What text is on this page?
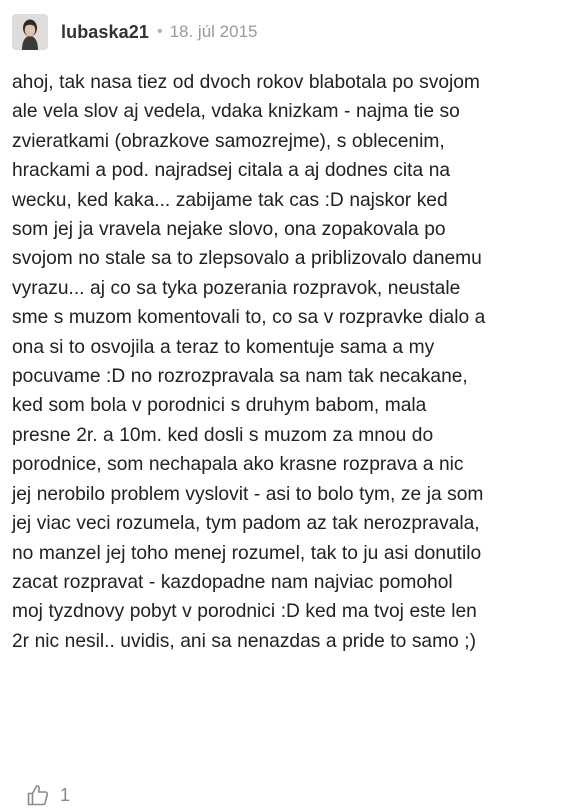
lubaska21 • 18. júl 2015
ahoj, tak nasa tiez od dvoch rokov blabotala po svojom
ale vela slov aj vedela, vdaka knizkam - najma tie so
zvieratkami (obrazkove samozrejme), s oblecenim,
hrackami a pod. najradsej citala a aj dodnes cita na
wecku, ked kaka... zabijame tak cas :D najskor ked
som jej ja vravela nejake slovo, ona zopakovala po
svojom no stale sa to zlepsovalo a priblizovalo danemu
vyrazu... aj co sa tyka pozerania rozpravok, neustale
sme s muzom komentovali to, co sa v rozpravke dialo a
ona si to osvojila a teraz to komentuje sama a my
pocuvame :D no rozrozpravala sa nam tak necakane,
ked som bola v porodnici s druhym babom, mala
presne 2r. a 10m. ked dosli s muzom za mnou do
porodnice, som nechapala ako krasne rozprava a nic
jej nerobilo problem vyslovit - asi to bolo tym, ze ja som
jej viac veci rozumela, tym padom az tak nerozpravala,
no manzel jej toho menej rozumel, tak to ju asi donutilo
zacat rozpravat - kazdopadne nam najviac pomohol
moj tyzdnovy pobyt v porodnici :D ked ma tvoj este len
2r nic nesil.. uvidis, ani sa nenazdas a pride to samo ;)
1
